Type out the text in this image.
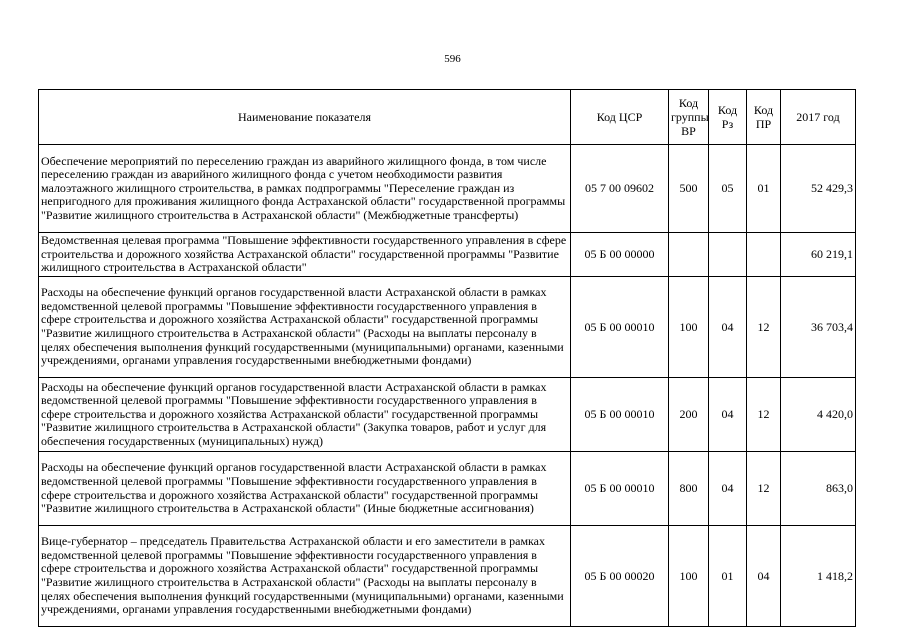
596
Наименование показателя	Код ЦСР	Код группы ВР	Код Рз	Код ПР	2017 год
Обеспечение мероприятий по переселению граждан из аварийного жилищного фонда, в том числе переселению граждан из аварийного жилищного фонда с учетом необходимости развития малоэтажного жилищного строительства, в рамках подпрограммы "Переселение граждан из непригодного для проживания жилищного фонда Астраханской области" государственной программы "Развитие жилищного строительства в Астраханской области" (Межбюджетные трансферты)	05 7 00 09602	500	05	01	52 429,3
Ведомственная целевая программа "Повышение эффективности государственного управления в сфере строительства и дорожного хозяйства Астраханской области" государственной программы "Развитие жилищного строительства в Астраханской области"	05 Б 00 00000				60 219,1
Расходы на обеспечение функций органов государственной власти Астраханской области в рамках ведомственной целевой программы "Повышение эффективности государственного управления в сфере строительства и дорожного хозяйства Астраханской области" государственной программы "Развитие жилищного строительства в Астраханской области" (Расходы на выплаты персоналу в целях обеспечения выполнения функций государственными (муниципальными) органами, казенными учреждениями, органами управления государственными внебюджетными фондами)	05 Б 00 00010	100	04	12	36 703,4
Расходы на обеспечение функций органов государственной власти Астраханской области в рамках ведомственной целевой программы "Повышение эффективности государственного управления в сфере строительства и дорожного хозяйства Астраханской области" государственной программы "Развитие жилищного строительства в Астраханской области" (Закупка товаров, работ и услуг для обеспечения государственных (муниципальных) нужд)	05 Б 00 00010	200	04	12	4 420,0
Расходы на обеспечение функций органов государственной власти Астраханской области в рамках ведомственной целевой программы "Повышение эффективности государственного управления в сфере строительства и дорожного хозяйства Астраханской области" государственной программы "Развитие жилищного строительства в Астраханской области" (Иные бюджетные ассигнования)	05 Б 00 00010	800	04	12	863,0
Вице-губернатор – председатель Правительства Астраханской области и его заместители в рамках ведомственной целевой программы "Повышение эффективности государственного управления в сфере строительства и дорожного хозяйства Астраханской области" государственной программы "Развитие жилищного строительства в Астраханской области" (Расходы на выплаты персоналу в целях обеспечения выполнения функций государственными (муниципальными) органами, казенными учреждениями, органами управления государственными внебюджетными фондами)	05 Б 00 00020	100	01	04	1 418,2
